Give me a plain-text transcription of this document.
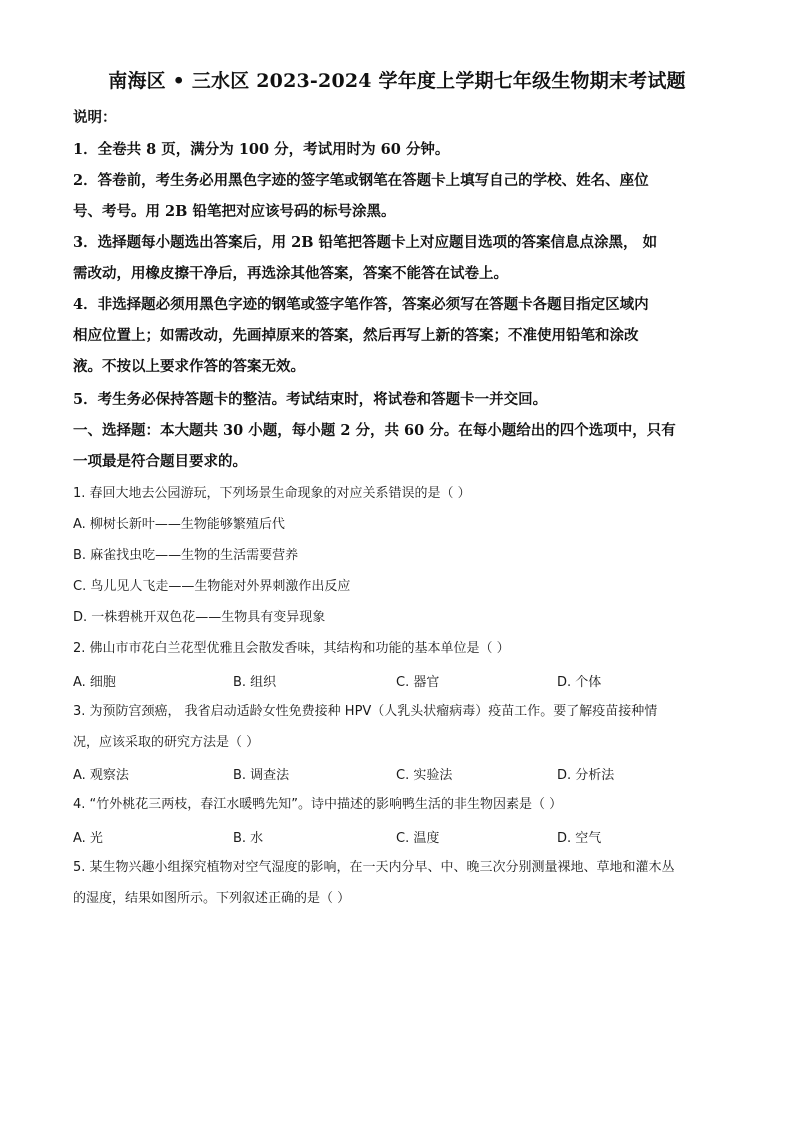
南海区 • 三水区 2023-2024 学年度上学期七年级生物期末考试题
说明：
1．全卷共 8 页，满分为 100 分，考试用时为 60 分钟。
2．答卷前，考生务必用黑色字迹的签字笔或钢笔在答题卡上填写自己的学校、姓名、座位
号、考号。用 2B 铅笔把对应该号码的标号涂黑。
3．选择题每小题选出答案后，用 2B 铅笔把答题卡上对应题目选项的答案信息点涂黑， 如
需改动，用橡皮擦干净后，再选涂其他答案，答案不能答在试卷上。
4．非选择题必须用黑色字迹的钢笔或签字笔作答，答案必须写在答题卡各题目指定区域内
相应位置上；如需改动，先画掉原来的答案，然后再写上新的答案；不准使用铅笔和涂改
液。不按以上要求作答的答案无效。
5．考生务必保持答题卡的整洁。考试结束时，将试卷和答题卡一并交回。
一、选择题：本大题共 30 小题，每小题 2 分，共 60 分。在每小题给出的四个选项中，只有
一项最是符合题目要求的。
1. 春回大地去公园游玩，下列场景生命现象的对应关系错误的是（ ）
A. 柳树长新叶——生物能够繁殖后代
B. 麻雀找虫吃——生物的生活需要营养
C. 鸟儿见人飞走——生物能对外界刺激作出反应
D. 一株碧桃开双色花——生物具有变异现象
2. 佛山市市花白兰花型优雅且会散发香味，其结构和功能的基本单位是（ ）
A. 细胞	B. 组织	C. 器官	D. 个体
3. 为预防宫颈癌， 我省启动适龄女性免费接种 HPV（人乳头状瘤病毒）疫苗工作。要了解疫苗接种情
况，应该采取的研究方法是（ ）
A. 观察法	B. 调查法	C. 实验法	D. 分析法
4. “竹外桃花三两枝，春江水暖鸭先知”。诗中描述的影响鸭生活的非生物因素是（ ）
A. 光	B. 水	C. 温度	D. 空气
5. 某生物兴趣小组探究植物对空气湿度的影响，在一天内分早、中、晚三次分别测量裸地、草地和灌木丛
的湿度，结果如图所示。下列叙述正确的是（ ）
